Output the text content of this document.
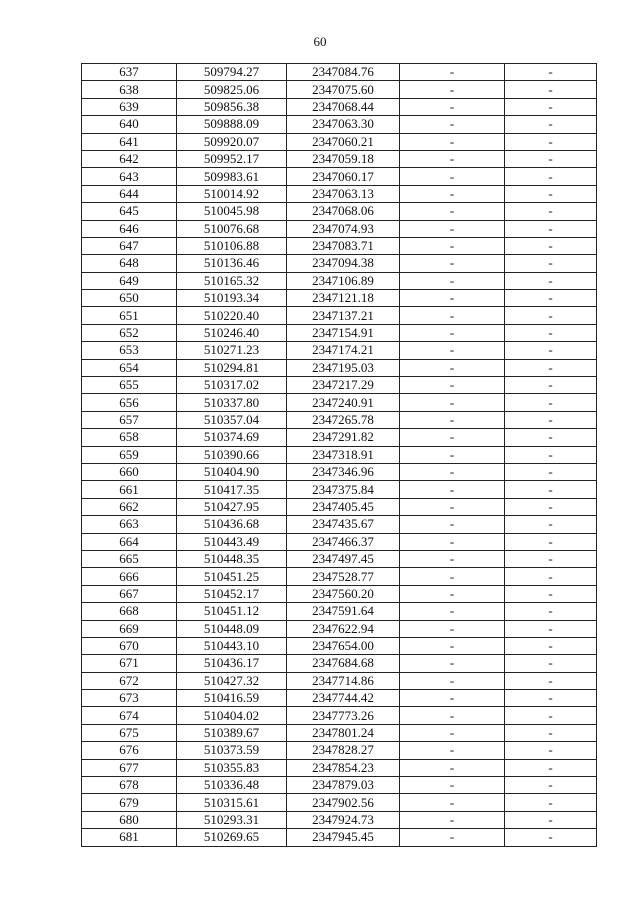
60
637	509794.27	2347084.76	-	-
638	509825.06	2347075.60	-	-
639	509856.38	2347068.44	-	-
640	509888.09	2347063.30	-	-
641	509920.07	2347060.21	-	-
642	509952.17	2347059.18	-	-
643	509983.61	2347060.17	-	-
644	510014.92	2347063.13	-	-
645	510045.98	2347068.06	-	-
646	510076.68	2347074.93	-	-
647	510106.88	2347083.71	-	-
648	510136.46	2347094.38	-	-
649	510165.32	2347106.89	-	-
650	510193.34	2347121.18	-	-
651	510220.40	2347137.21	-	-
652	510246.40	2347154.91	-	-
653	510271.23	2347174.21	-	-
654	510294.81	2347195.03	-	-
655	510317.02	2347217.29	-	-
656	510337.80	2347240.91	-	-
657	510357.04	2347265.78	-	-
658	510374.69	2347291.82	-	-
659	510390.66	2347318.91	-	-
660	510404.90	2347346.96	-	-
661	510417.35	2347375.84	-	-
662	510427.95	2347405.45	-	-
663	510436.68	2347435.67	-	-
664	510443.49	2347466.37	-	-
665	510448.35	2347497.45	-	-
666	510451.25	2347528.77	-	-
667	510452.17	2347560.20	-	-
668	510451.12	2347591.64	-	-
669	510448.09	2347622.94	-	-
670	510443.10	2347654.00	-	-
671	510436.17	2347684.68	-	-
672	510427.32	2347714.86	-	-
673	510416.59	2347744.42	-	-
674	510404.02	2347773.26	-	-
675	510389.67	2347801.24	-	-
676	510373.59	2347828.27	-	-
677	510355.83	2347854.23	-	-
678	510336.48	2347879.03	-	-
679	510315.61	2347902.56	-	-
680	510293.31	2347924.73	-	-
681	510269.65	2347945.45	-	-
